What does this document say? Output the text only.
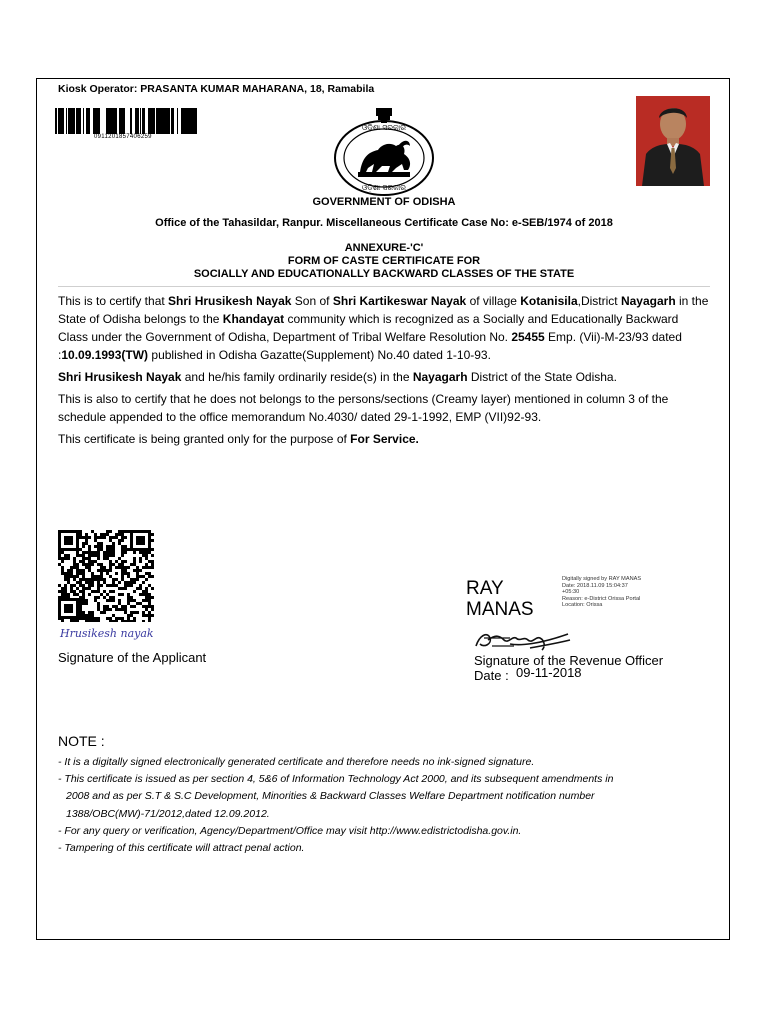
Kiosk Operator: PRASANTA KUMAR MAHARANA, 18, Ramabila
0911201857406259
ଓଡ଼ିଶା ସରକାର
ଓଡ଼ିଶା ସରକାର
GOVERNMENT OF ODISHA
Office of the Tahasildar, Ranpur. Miscellaneous Certificate Case No: e-SEB/1974 of 2018
ANNEXURE-'C'
FORM OF CASTE CERTIFICATE FOR
SOCIALLY AND EDUCATIONALLY BACKWARD CLASSES OF THE STATE

This is to certify that Shri Hrusikesh Nayak Son of Shri Kartikeswar Nayak of village Kotanisila,District Nayagarh in the State of Odisha belongs to the Khandayat community which is recognized as a Socially and Educationally Backward Class under the Government of Odisha, Department of Tribal Welfare Resolution No. 25455 Emp. (Vii)-M-23/93 dated :10.09.1993(TW) published in Odisha Gazatte(Supplement) No.40 dated 1-10-93.

Shri Hrusikesh Nayak and he/his family ordinarily reside(s) in the Nayagarh District of the State Odisha.

This is also to certify that he does not belongs to the persons/sections (Creamy layer) mentioned in column 3 of the schedule appended to the office memorandum No.4030/ dated 29-1-1992, EMP (VII)92-93.

This certificate is being granted only for the purpose of For Service.

Hrusikesh nayak
Signature of the Applicant
RAY
MANAS
Digitally signed by RAY MANAS
Date: 2018.11.09 15:04:37
+05:30
Reason: e-District Orissa Portal
Location: Orissa
Signature of the Revenue Officer
Date : 09-11-2018
NOTE :
- It is a digitally signed electronically generated certificate and therefore needs no ink-signed signature.
- This certificate is issued as per section 4, 5&6 of Information Technology Act 2000, and its subsequent amendments in
2008 and as per S.T & S.C Development, Minorities & Backward Classes Welfare Department notification number
1388/OBC(MW)-71/2012,dated 12.09.2012.
- For any query or verification, Agency/Department/Office may visit http://www.edistrictodisha.gov.in.
- Tampering of this certificate will attract penal action.
